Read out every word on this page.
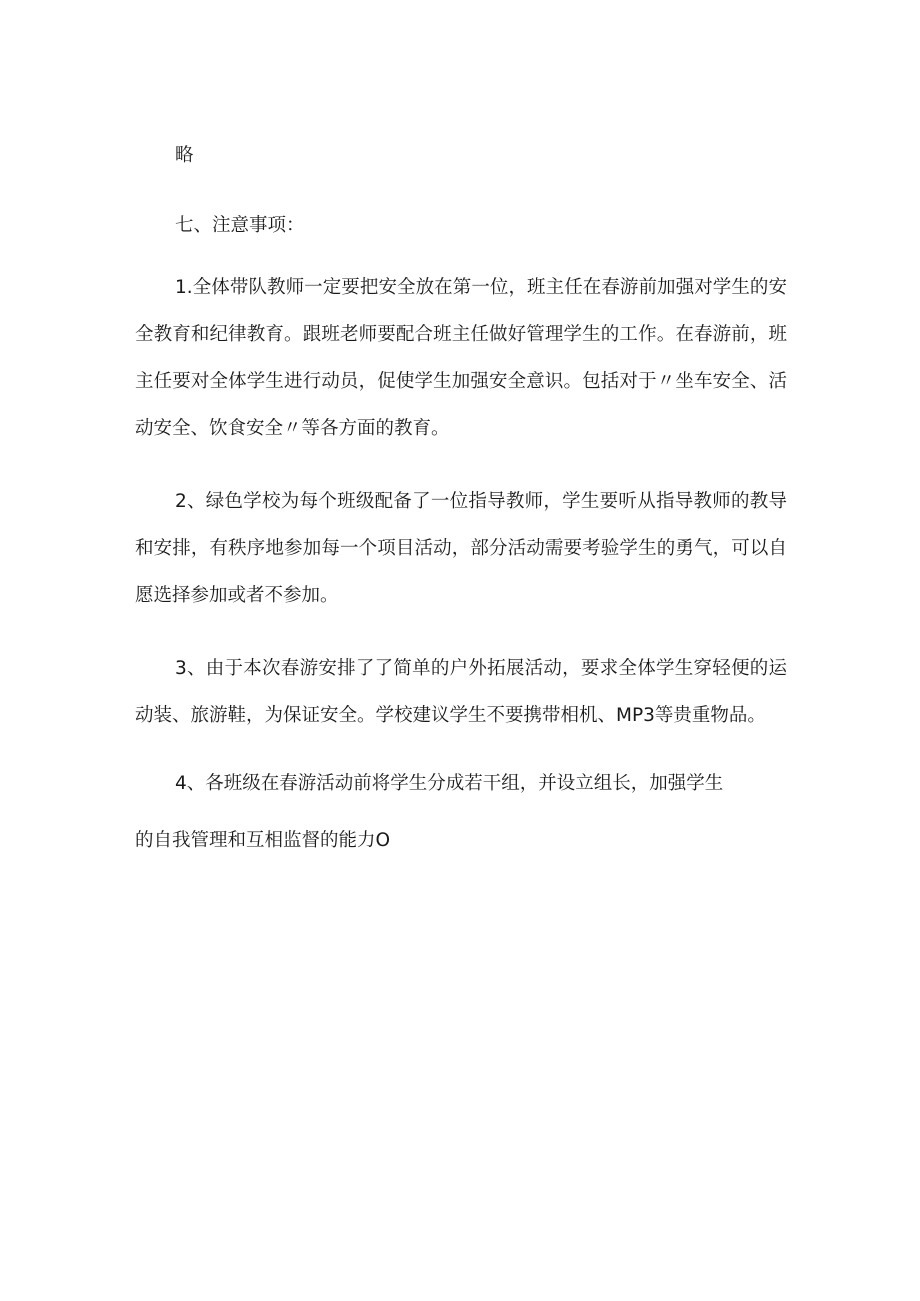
略

七、注意事项：

1.全体带队教师一定要把安全放在第一位，班主任在春游前加强对学生的安全教育和纪律教育。跟班老师要配合班主任做好管理学生的工作。在春游前，班主任要对全体学生进行动员，促使学生加强安全意识。包括对于〃坐车安全、活动安全、饮食安全〃等各方面的教育。

2、绿色学校为每个班级配备了一位指导教师，学生要听从指导教师的教导和安排，有秩序地参加每一个项目活动，部分活动需要考验学生的勇气，可以自愿选择参加或者不参加。

3、由于本次春游安排了了简单的户外拓展活动，要求全体学生穿轻便的运动装、旅游鞋，为保证安全。学校建议学生不要携带相机、MP3等贵重物品。

4、各班级在春游活动前将学生分成若干组，并设立组长，加强学生

的自我管理和互相监督的能力O
